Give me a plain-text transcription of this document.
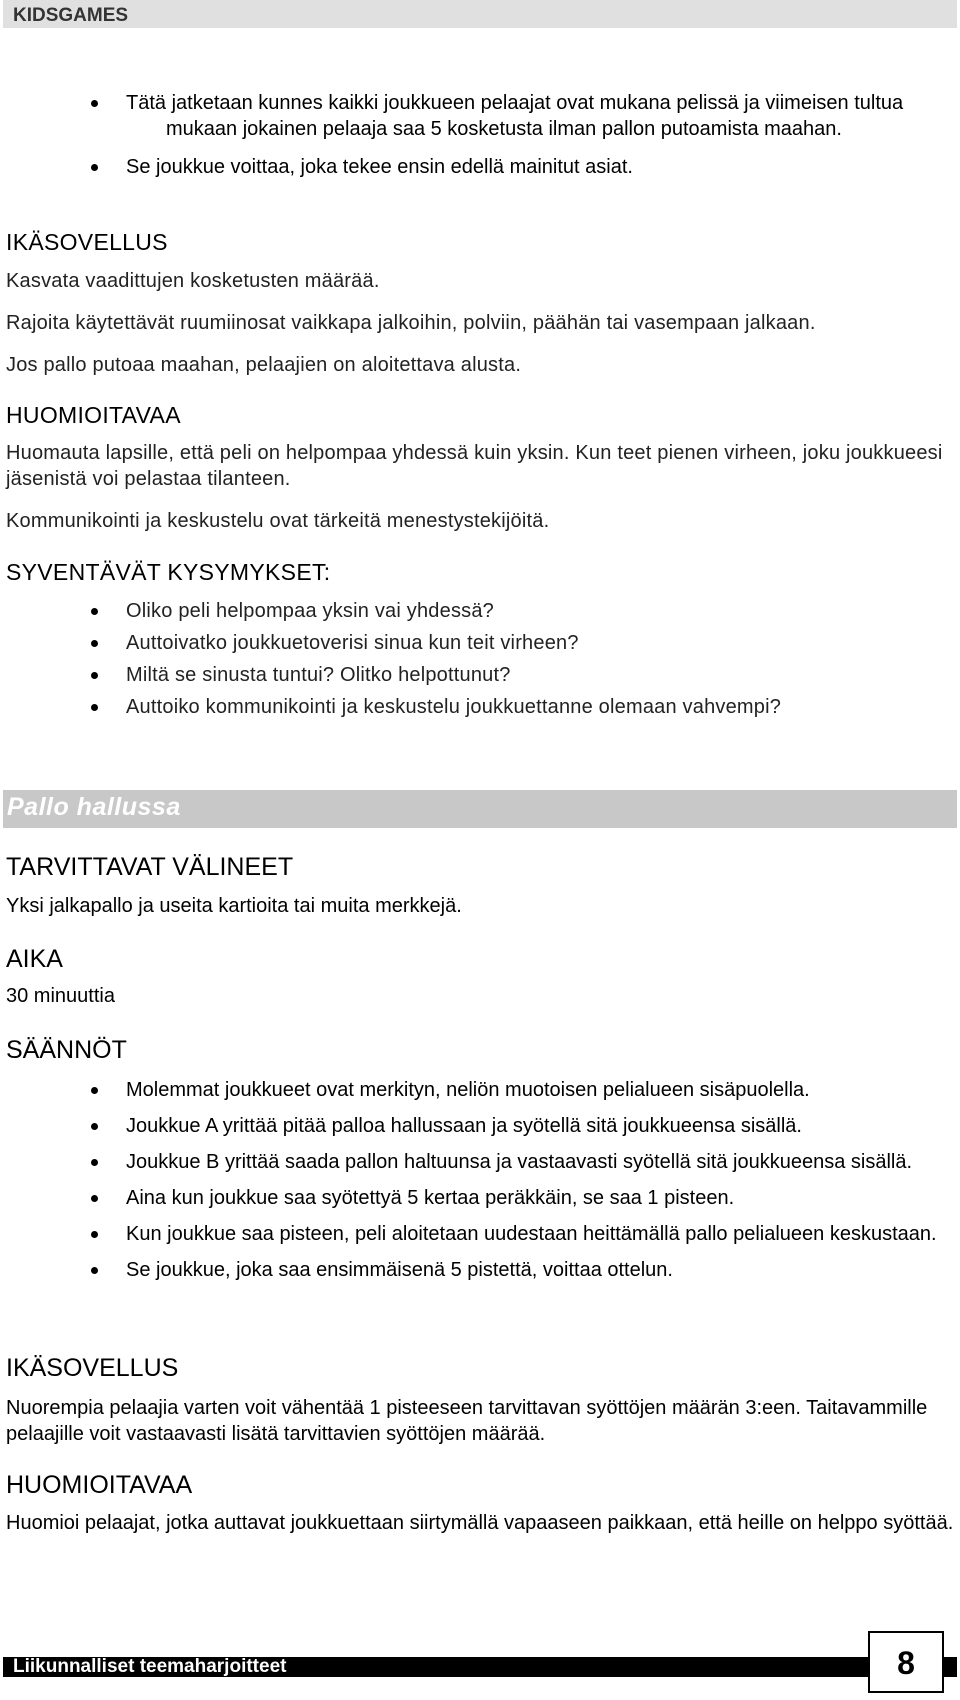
KIDSGAMES
Tätä jatketaan kunnes kaikki joukkueen pelaajat ovat mukana pelissä ja viimeisen tultua mukaan jokainen pelaaja saa 5 kosketusta ilman pallon putoamista maahan.
Se joukkue voittaa, joka tekee ensin edellä mainitut asiat.
IKÄSOVELLUS
Kasvata vaadittujen kosketusten määrää.
Rajoita käytettävät ruumiinosat vaikkapa jalkoihin, polviin, päähän tai vasempaan jalkaan.
Jos pallo putoaa maahan, pelaajien on aloitettava alusta.
HUOMIOITAVAA
Huomauta lapsille, että peli on helpompaa yhdessä kuin yksin. Kun teet pienen virheen, joku joukkueesi jäsenistä voi pelastaa tilanteen.
Kommunikointi ja keskustelu ovat tärkeitä menestystekijöitä.
SYVENTÄVÄT KYSYMYKSET:
Oliko peli helpompaa yksin vai yhdessä?
Auttoivatko joukkuetoverisi sinua kun teit virheen?
Miltä se sinusta tuntui? Olitko helpottunut?
Auttoiko kommunikointi ja keskustelu joukkuettanne olemaan vahvempi?
Pallo hallussa
TARVITTAVAT VÄLINEET
Yksi jalkapallo ja useita kartioita tai muita merkkejä.
AIKA
30 minuuttia
SÄÄNNÖT
Molemmat joukkueet ovat merkityn, neliön muotoisen pelialueen sisäpuolella.
Joukkue A yrittää pitää palloa hallussaan ja syötellä sitä joukkueensa sisällä.
Joukkue B yrittää saada pallon haltuunsa ja vastaavasti syötellä sitä joukkueensa sisällä.
Aina kun joukkue saa syötettyä 5 kertaa peräkkäin, se saa 1 pisteen.
Kun joukkue saa pisteen, peli aloitetaan uudestaan heittämällä pallo pelialueen keskustaan.
Se joukkue, joka saa ensimmäisenä 5 pistettä, voittaa ottelun.
IKÄSOVELLUS
Nuorempia pelaajia varten voit vähentää 1 pisteeseen tarvittavan syöttöjen määrän 3:een. Taitavammille pelaajille voit vastaavasti lisätä tarvittavien syöttöjen määrää.
HUOMIOITAVAA
Huomioi pelaajat, jotka auttavat joukkuettaan siirtymällä vapaaseen paikkaan, että heille on helppo syöttää.
Liikunnalliset teemaharjoitteet	8
